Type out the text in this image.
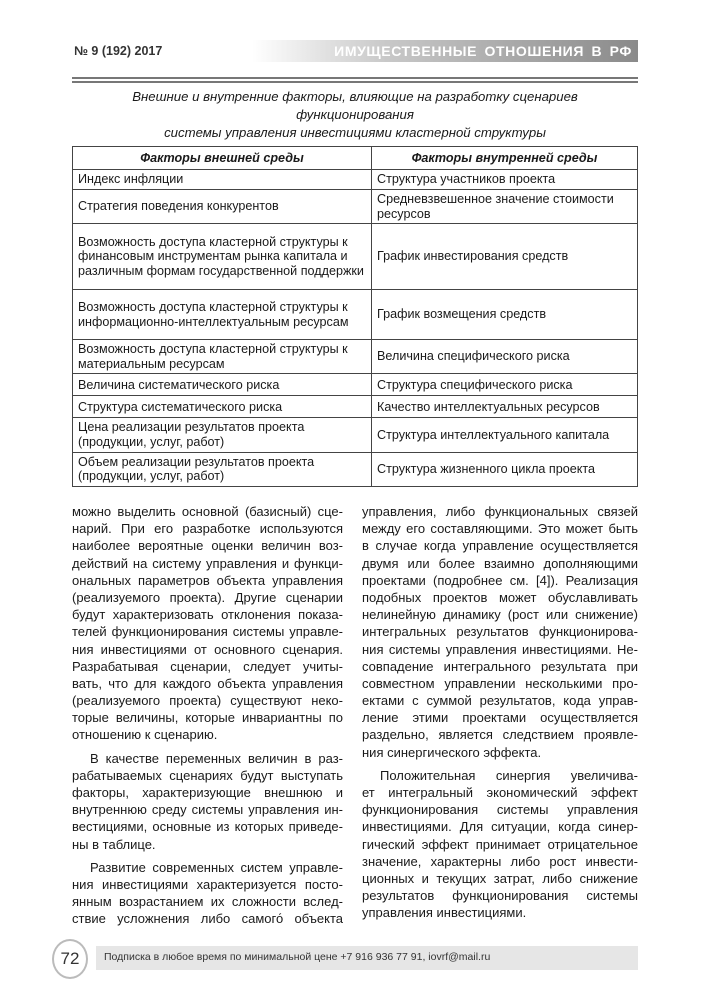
№ 9 (192) 2017	ИМУЩЕСТВЕННЫЕ ОТНОШЕНИЯ В РФ
Внешние и внутренние факторы, влияющие на разработку сценариев функционирования
системы управления инвестициями кластерной структуры
Факторы внешней среды	Факторы внутренней среды
Индекс инфляции	Структура участников проекта
Стратегия поведения конкурентов	Средневзвешенное значение стоимости ресурсов
Возможность доступа кластерной структуры к финансовым инструментам рынка капитала и различным формам государственной поддержки	График инвестирования средств
Возможность доступа кластерной структуры к информационно-интеллектуальным ресурсам	График возмещения средств
Возможность доступа кластерной структуры к материальным ресурсам	Величина специфического риска
Величина систематического риска	Структура специфического риска
Структура систематического риска	Качество интеллектуальных ресурсов
Цена реализации результатов проекта (продукции, услуг, работ)	Структура интеллектуального капитала
Объем реализации результатов проекта (продукции, услуг, работ)	Структура жизненного цикла проекта
можно выделить основной (базисный) сце-
нарий. При его разработке используются
наиболее вероятные оценки величин воз-
действий на систему управления и функци-
ональных параметров объекта управления
(реализуемого проекта). Другие сценарии
будут характеризовать отклонения показа-
телей функционирования системы управле-
ния инвестициями от основного сценария.
Разрабатывая сценарии, следует учиты-
вать, что для каждого объекта управления
(реализуемого проекта) существуют неко-
торые величины, которые инвариантны по
отношению к сценарию.
В качестве переменных величин в раз-
рабатываемых сценариях будут выступать
факторы, характеризующие внешнюю и
внутреннюю среду системы управления ин-
вестициями, основные из которых приведе-
ны в таблице.
Развитие современных систем управле-
ния инвестициями характеризуется посто-
янным возрастанием их сложности вслед-
ствие усложнения либо самого́ объекта
управления, либо функциональных связей
между его составляющими. Это может быть
в случае когда управление осуществляется
двумя или более взаимно дополняющими
проектами (подробнее см. [4]). Реализация
подобных проектов может обуславливать
нелинейную динамику (рост или снижение)
интегральных результатов функционирова-
ния системы управления инвестициями. Не-
совпадение интегрального результата при
совместном управлении несколькими про-
ектами с суммой результатов, кода управ-
ление этими проектами осуществляется
раздельно, является следствием проявле-
ния синергического эффекта.
Положительная синергия увеличива-
ет интегральный экономический эффект
функционирования системы управления
инвестициями. Для ситуации, когда синер-
гический эффект принимает отрицательное
значение, характерны либо рост инвести-
ционных и текущих затрат, либо снижение
результатов функционирования системы
управления инвестициями.
Подписка в любое время по минимальной цене +7 916 936 77 91, iovrf@mail.ru
72
